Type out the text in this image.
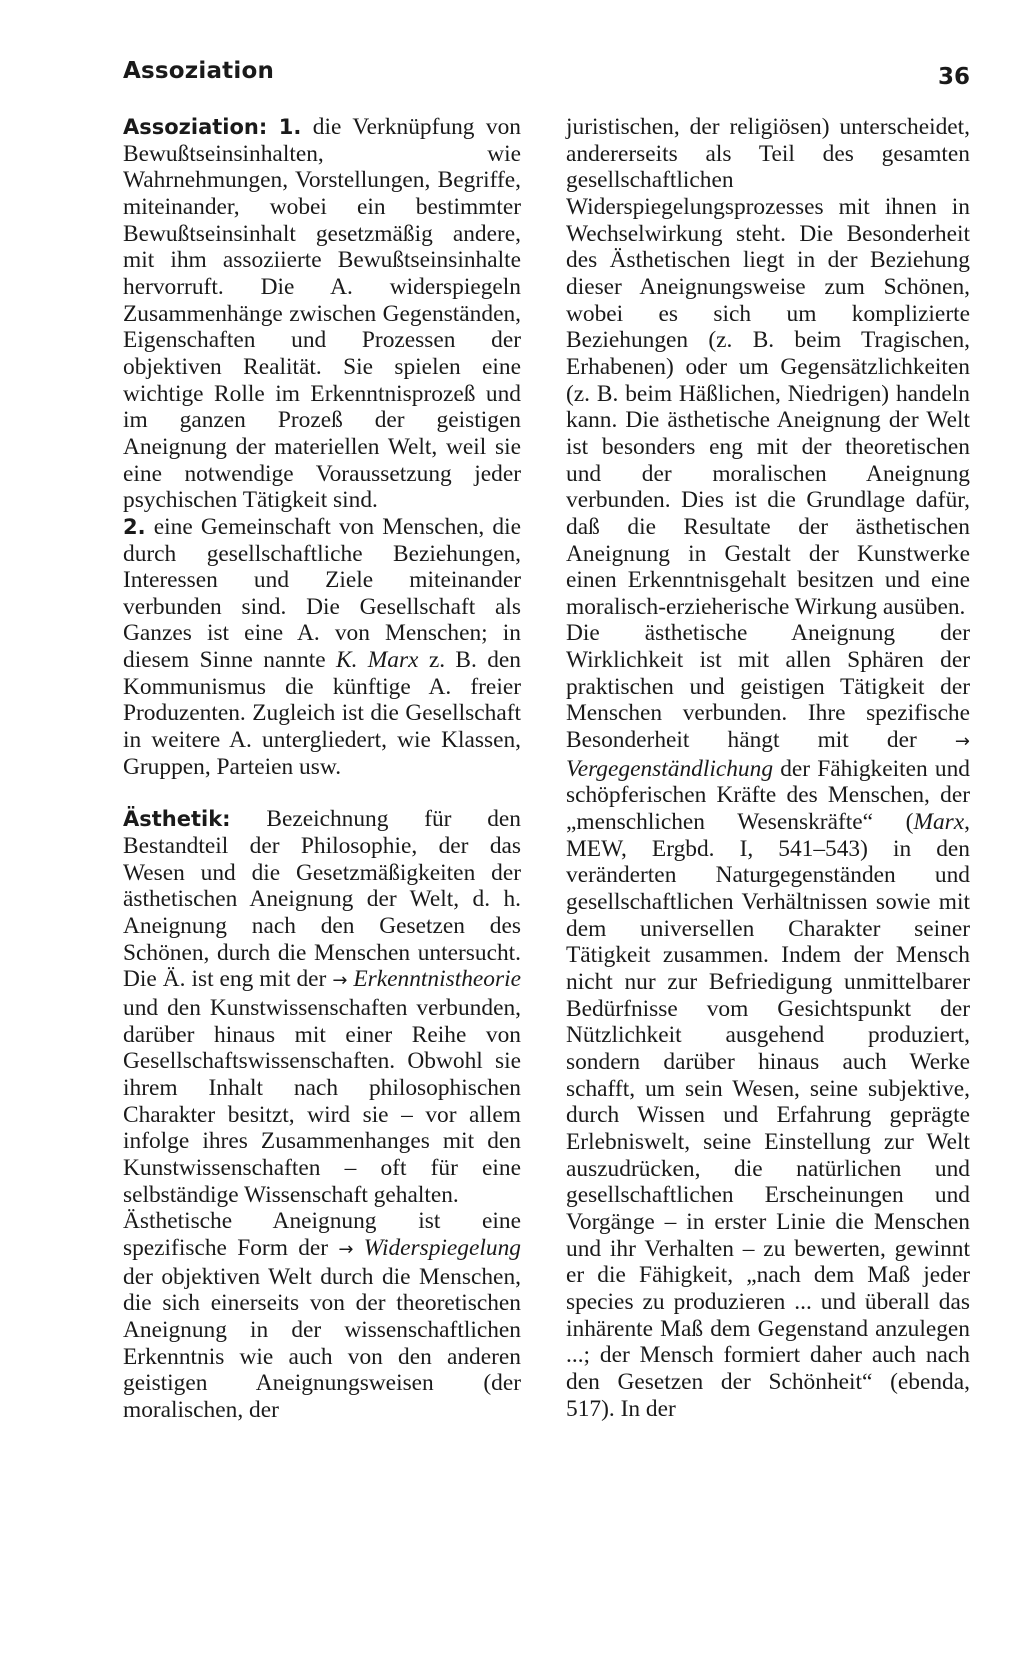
Assoziation	36

Assoziation: 1. die Verknüpfung von Bewußtseinsinhalten, wie Wahrnehmungen, Vorstellungen, Begriffe, miteinander, wobei ein bestimmter Bewußtseinsinhalt gesetzmäßig andere, mit ihm assoziierte Bewußtseinsinhalte hervorruft. Die A. widerspiegeln Zusammenhänge zwischen Gegenständen, Eigenschaften und Prozessen der objektiven Realität. Sie spielen eine wichtige Rolle im Erkenntnisprozeß und im ganzen Prozeß der geistigen Aneignung der materiellen Welt, weil sie eine notwendige Voraussetzung jeder psychischen Tätigkeit sind.

2. eine Gemeinschaft von Menschen, die durch gesellschaftliche Beziehungen, Interessen und Ziele miteinander verbunden sind. Die Gesellschaft als Ganzes ist eine A. von Menschen; in diesem Sinne nannte K. Marx z. B. den Kommunismus die künftige A. freier Produzenten. Zugleich ist die Gesellschaft in weitere A. untergliedert, wie Klassen, Gruppen, Parteien usw.

Ästhetik: Bezeichnung für den Bestandteil der Philosophie, der das Wesen und die Gesetzmäßigkeiten der ästhetischen Aneignung der Welt, d. h. Aneignung nach den Gesetzen des Schönen, durch die Menschen untersucht. Die Ä. ist eng mit der → Erkenntnistheorie und den Kunstwissenschaften verbunden, darüber hinaus mit einer Reihe von Gesellschaftswissenschaften. Obwohl sie ihrem Inhalt nach philosophischen Charakter besitzt, wird sie – vor allem infolge ihres Zusammenhanges mit den Kunstwissenschaften – oft für eine selbständige Wissenschaft gehalten.

Ästhetische Aneignung ist eine spezifische Form der → Widerspiegelung der objektiven Welt durch die Menschen, die sich einerseits von der theoretischen Aneignung in der wissenschaftlichen Erkenntnis wie auch von den anderen geistigen Aneignungsweisen (der moralischen, der

juristischen, der religiösen) unterscheidet, andererseits als Teil des gesamten gesellschaftlichen Widerspiegelungsprozesses mit ihnen in Wechselwirkung steht. Die Besonderheit des Ästhetischen liegt in der Beziehung dieser Aneignungsweise zum Schönen, wobei es sich um komplizierte Beziehungen (z. B. beim Tragischen, Erhabenen) oder um Gegensätzlichkeiten (z. B. beim Häßlichen, Niedrigen) handeln kann. Die ästhetische Aneignung der Welt ist besonders eng mit der theoretischen und der moralischen Aneignung verbunden. Dies ist die Grundlage dafür, daß die Resultate der ästhetischen Aneignung in Gestalt der Kunstwerke einen Erkenntnisgehalt besitzen und eine moralisch-erzieherische Wirkung ausüben.

Die ästhetische Aneignung der Wirklichkeit ist mit allen Sphären der praktischen und geistigen Tätigkeit der Menschen verbunden. Ihre spezifische Besonderheit hängt mit der → Vergegenständlichung der Fähigkeiten und schöpferischen Kräfte des Menschen, der „menschlichen Wesenskräfte“ (Marx, MEW, Ergbd. I, 541–543) in den veränderten Naturgegenständen und gesellschaftlichen Verhältnissen sowie mit dem universellen Charakter seiner Tätigkeit zusammen. Indem der Mensch nicht nur zur Befriedigung unmittelbarer Bedürfnisse vom Gesichtspunkt der Nützlichkeit ausgehend produziert, sondern darüber hinaus auch Werke schafft, um sein Wesen, seine subjektive, durch Wissen und Erfahrung geprägte Erlebniswelt, seine Einstellung zur Welt auszudrücken, die natürlichen und gesellschaftlichen Erscheinungen und Vorgänge – in erster Linie die Menschen und ihr Verhalten – zu bewerten, gewinnt er die Fähigkeit, „nach dem Maß jeder species zu produzieren ... und überall das inhärente Maß dem Gegenstand anzulegen ...; der Mensch formiert daher auch nach den Gesetzen der Schönheit“ (ebenda, 517). In der
